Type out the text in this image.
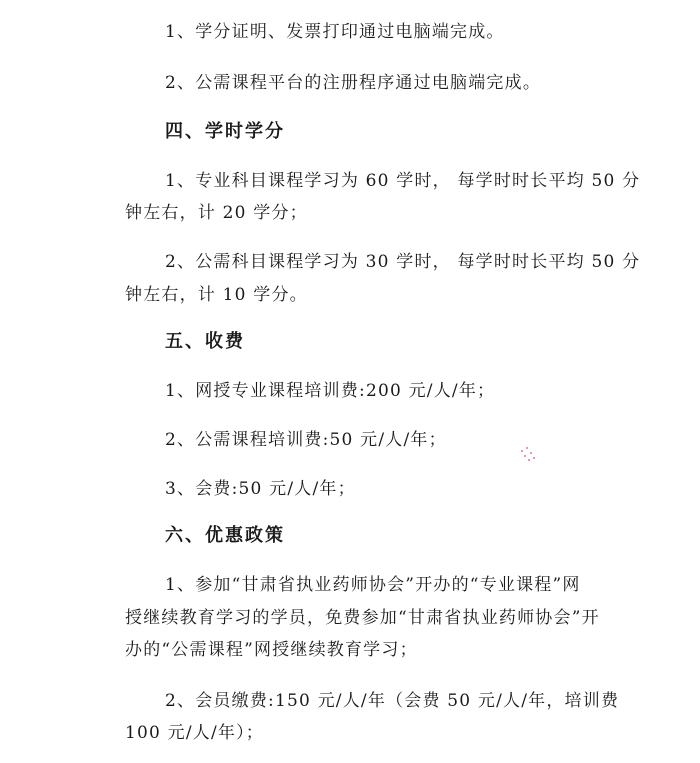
1、学分证明、发票打印通过电脑端完成。
2、公需课程平台的注册程序通过电脑端完成。
四、学时学分
1、专业科目课程学习为 60 学时， 每学时时长平均 50 分
钟左右，计 20 学分；
2、公需科目课程学习为 30 学时， 每学时时长平均 50 分
钟左右，计 10 学分。
五、收费
1、网授专业课程培训费:200 元/人/年；
2、公需课程培训费:50 元/人/年；
3、会费:50 元/人/年；
六、优惠政策
1、参加“甘肃省执业药师协会”开办的“专业课程”网
授继续教育学习的学员，免费参加“甘肃省执业药师协会”开
办的“公需课程”网授继续教育学习；
2、会员缴费:150 元/人/年（会费 50 元/人/年，培训费
100 元/人/年）；
